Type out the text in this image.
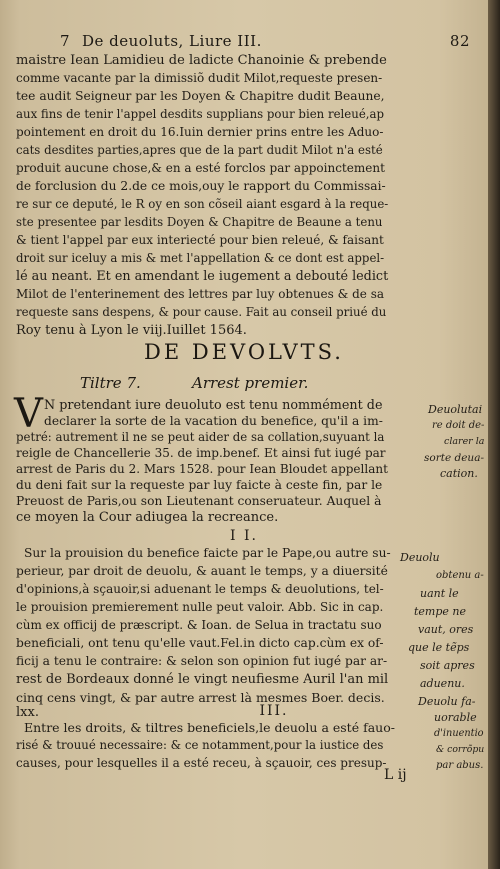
7 De deuoluts, Liure III.	82
maistre Iean Lamidieu de ladicte Chanoinie & prebende
comme vacante par la dimissiõ dudit Milot,requeste presen-
tee audit Seigneur par les Doyen & Chapitre dudit Beaune,
aux fins de tenir l'appel desdits supplians pour bien releué,ap
pointement en droit du 16.Iuin dernier prins entre les Aduo-
cats desdites parties,apres que de la part dudit Milot n'a esté
produit aucune chose,& en a esté forclos par appoinctement
de forclusion du 2.de ce mois,ouy le rapport du Commissai-
re sur ce deputé, le R oy en son cõseil aiant esgard à la reque-
ste presentee par lesdits Doyen & Chapitre de Beaune a tenu
& tient l'appel par eux interiecté pour bien releué, & faisant
droit sur iceluy a mis & met l'appellation & ce dont est appel-
lé au neant. Et en amendant le iugement a debouté ledict
Milot de l'enterinement des lettres par luy obtenues & de sa
requeste sans despens, & pour cause. Fait au conseil priué du
Roy tenu à Lyon le viij.Iuillet 1564.
DE DEVOLVTS.
Tiltre 7.	Arrest premier.
V N pretendant iure deuoluto est tenu nommément de
declarer la sorte de la vacation du benefice, qu'il a im-
petré: autrement il ne se peut aider de sa collation,suyuant la
reigle de Chancellerie 35. de imp.benef. Et ainsi fut iugé par
arrest de Paris du 2. Mars 1528. pour Iean Bloudet appellant
du deni fait sur la requeste par luy faicte à ceste fin, par le
Preuost de Paris,ou son Lieutenant conseruateur. Auquel à
ce moyen la Cour adiugea la recreance.
I I.
Sur la prouision du benefice faicte par le Pape,ou autre su-
perieur, par droit de deuolu, & auant le temps, y a diuersité
d'opinions,à sçauoir,si aduenant le temps & deuolutions, tel-
le prouision premierement nulle peut valoir. Abb. Sic in cap.
cùm ex officij de præscript. & Ioan. de Selua in tractatu suo
beneficiali, ont tenu qu'elle vaut.Fel.in dicto cap.cùm ex of-
ficij a tenu le contraire: & selon son opinion fut iugé par ar-
rest de Bordeaux donné le vingt neufiesme Auril l'an mil
cinq cens vingt, & par autre arrest là mesmes Boer. decis.
lxx.	III.
Entre les droits, & tiltres beneficiels,le deuolu a esté fauo-
risé & trouué necessaire: & ce notamment,pour la iustice des
causes, pour lesquelles il a esté receu, à sçauoir, ces presup-
L ij
Deuolutai
re doit de-
clarer la
sorte deua-
cation.
Deuolu
obtenu a-
uant le
tempe ne
vaut, ores
que le tẽps
soit apres
aduenu.
Deuolu fa-
uorable
d'inuentio
& corrõpu
par abus.
